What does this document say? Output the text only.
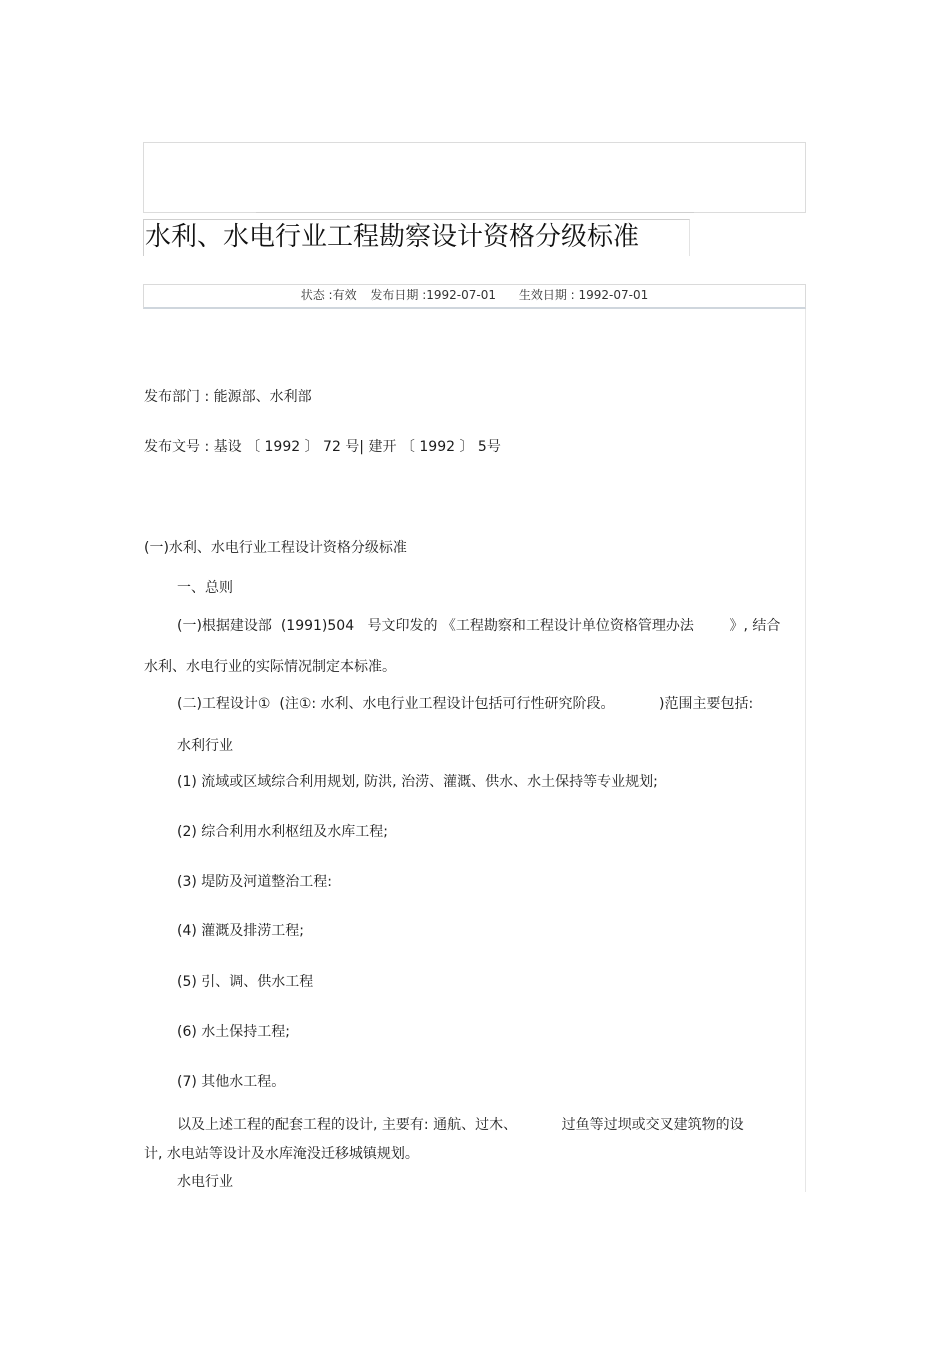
水利、水电行业工程勘察设计资格分级标准
状态 :有效 发布日期 :1992-07-01 生效日期 : 1992-07-01
发布部门 : 能源部、水利部
发布文号 : 基设 〔 1992 〕 72 号| 建开 〔 1992 〕 5号
(一)水利、水电行业工程设计资格分级标准
一、总则
(一)根据建设部  (1991)504   号文印发的 《工程勘察和工程设计单位资格管理办法        》, 结合
水利、水电行业的实际情况制定本标准。
(二)工程设计①  (注①: 水利、水电行业工程设计包括可行性研究阶段。          )范围主要包括:
水利行业
(1) 流域或区域综合利用规划, 防洪, 治涝、灌溉、供水、水土保持等专业规划;
(2) 综合利用水利枢纽及水库工程;
(3) 堤防及河道整治工程:
(4) 灌溉及排涝工程;
(5) 引、调、供水工程
(6) 水土保持工程;
(7) 其他水工程。
以及上述工程的配套工程的设计, 主要有: 通航、过木、          过鱼等过坝或交叉建筑物的设
计, 水电站等设计及水库淹没迁移城镇规划。
水电行业
